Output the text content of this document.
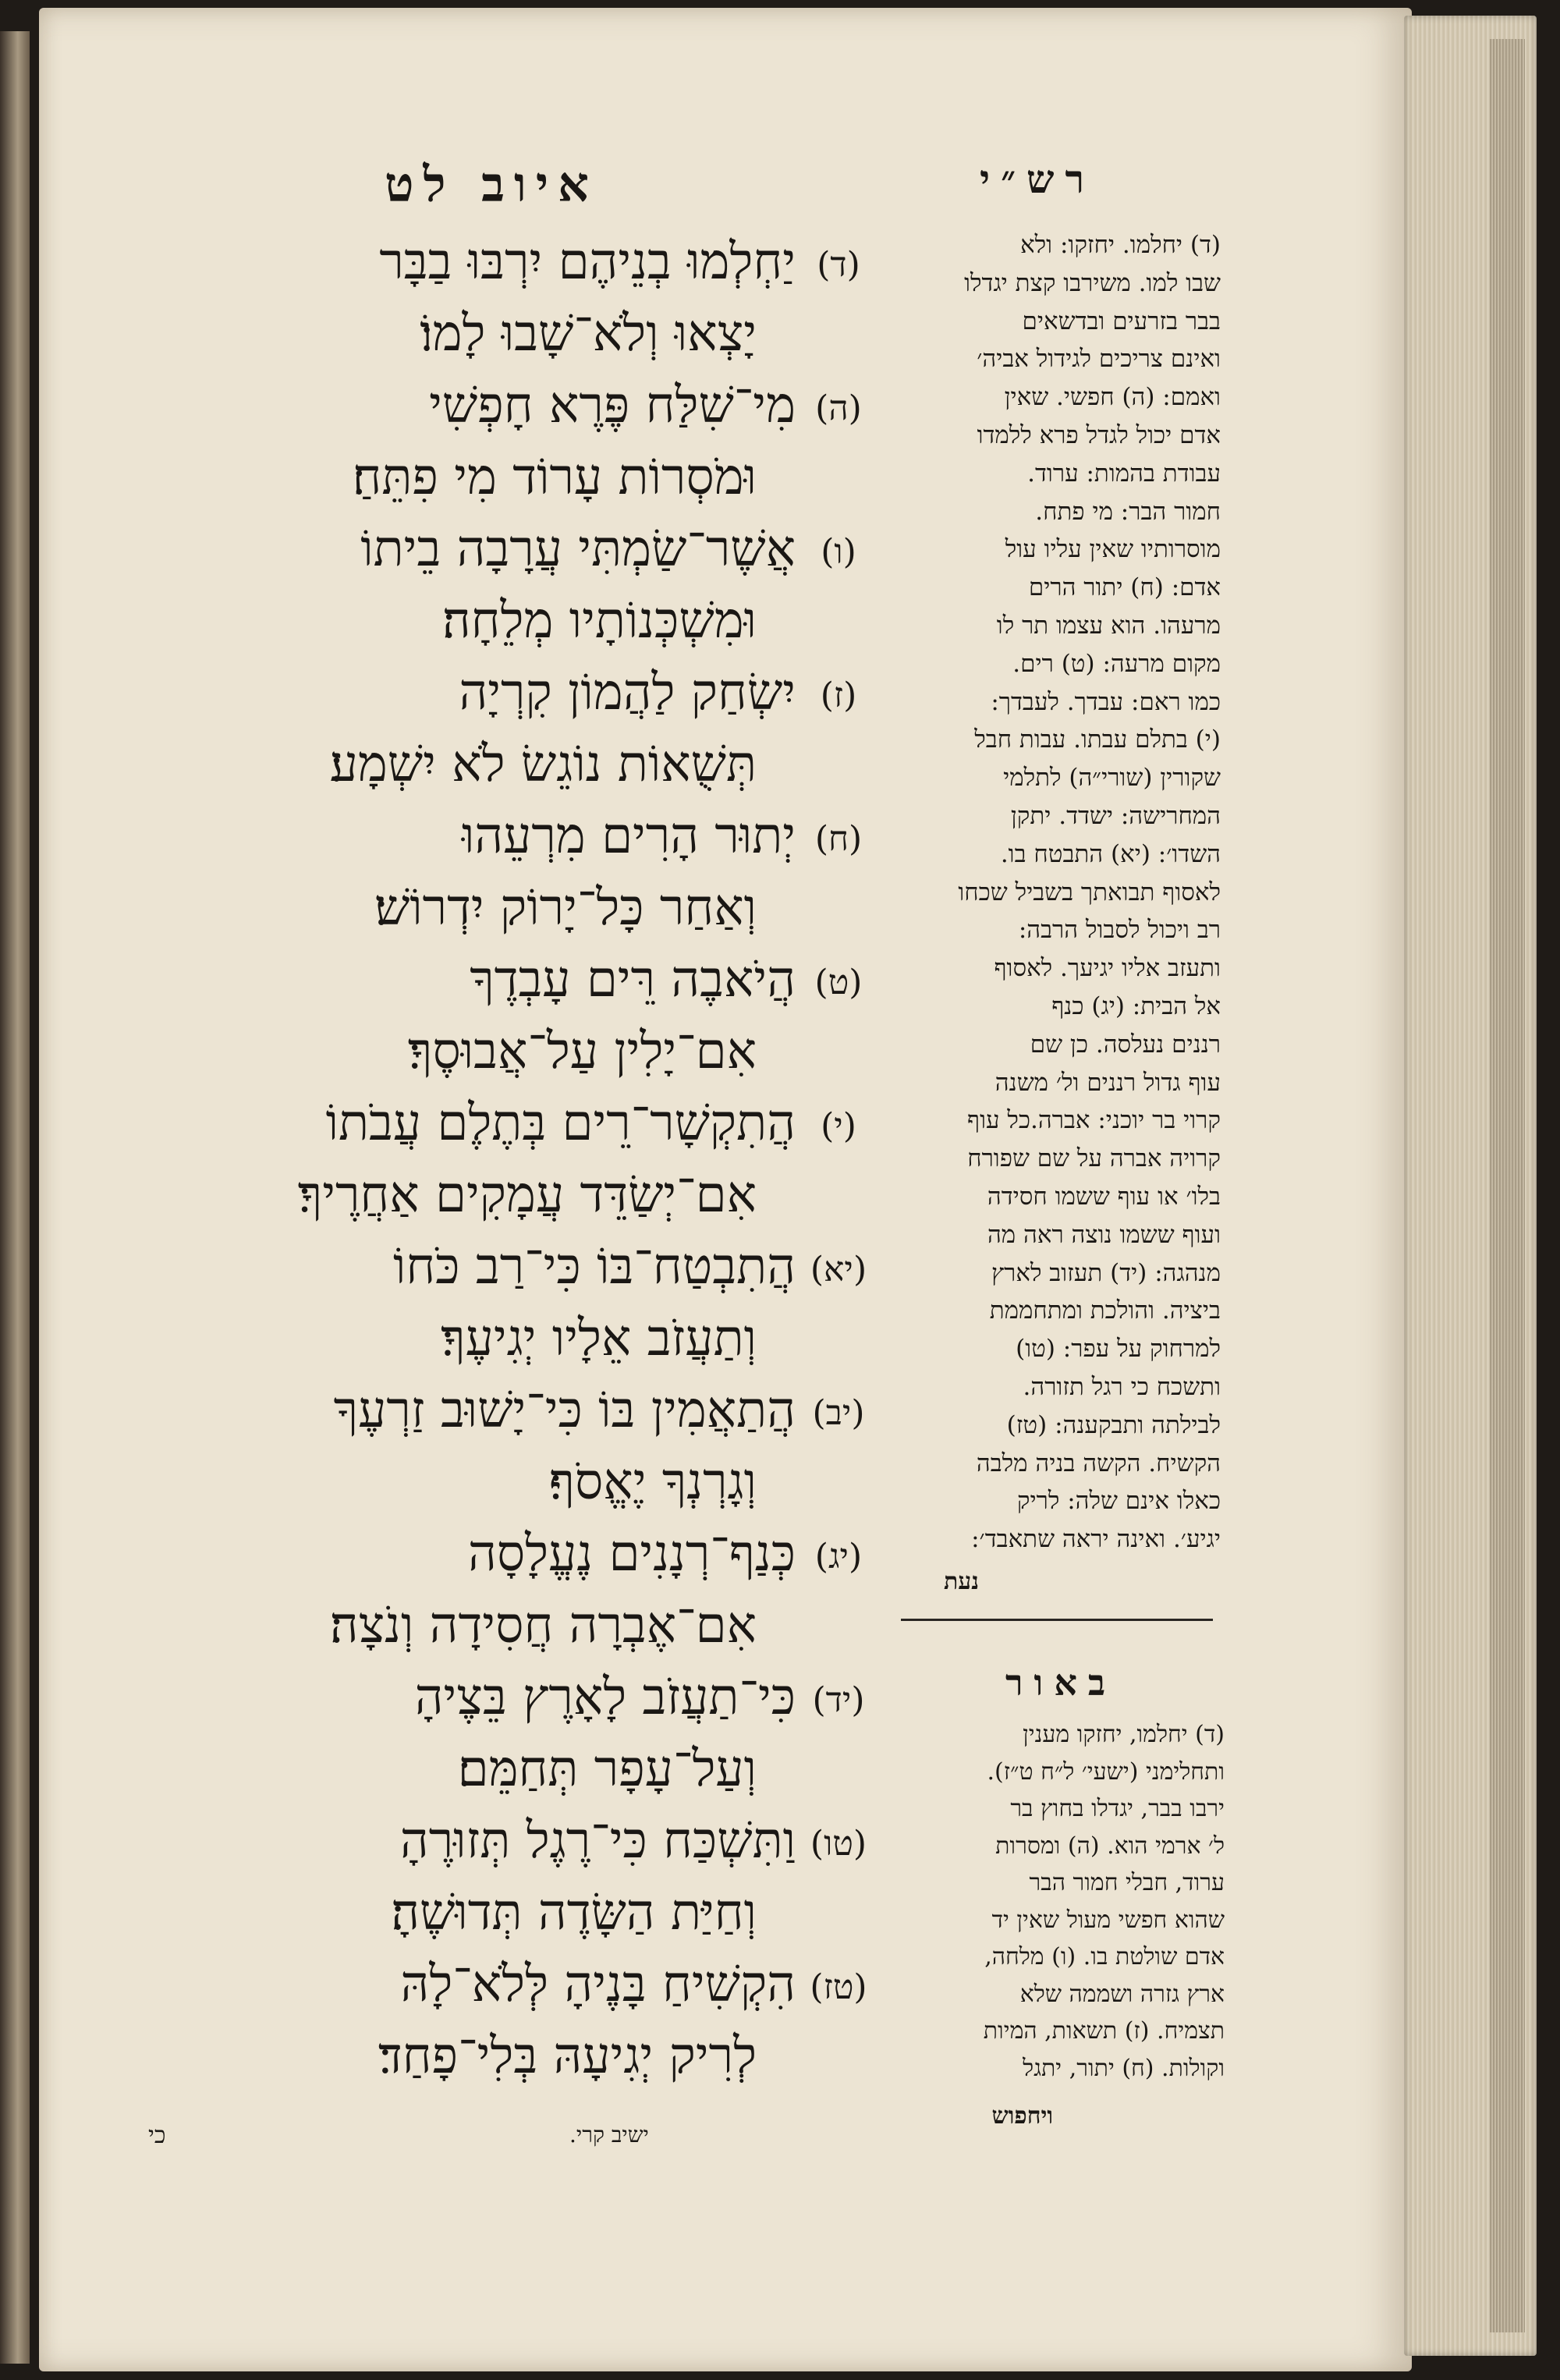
איוב לט	רש״י
(ד)
יַחְלְמוּ בְנֵיהֶם יִרְבּוּ בַבָּר
יָצְאוּ וְלֹא־שָׁבוּ לָמוֹ׃
(ה)
מִי־שִׁלַּח פֶּרֶא חָפְשִׁי
וּמֹסְרוֹת עָרוֹד מִי פִתֵּחַ׃
(ו)
אֲשֶׁר־שַׂמְתִּי עֲרָבָה בֵיתוֹ
וּמִשְׁכְּנוֹתָיו מְלֵחָה׃
(ז)
יִשְׂחַק לַהֲמוֹן קִרְיָה
תְּשֻׁאוֹת נוֹגֵשׂ לֹא יִשְׁמָע׃
(ח)
יְתוּר הָרִים מִרְעֵהוּ
וְאַחַר כָּל־יָרוֹק יִדְרוֹשׁ׃
(ט)
הֲיֹאבֶה רֵּים עָבְדֶךָ
אִם־יָלִין עַל־אֲבוּסֶךָ׃
(י)
הֲתִקְשָׁר־רֵים בְּתֶלֶם עֲבֹתוֹ
אִם־יְשַׂדֵּד עֲמָקִים אַחֲרֶיךָ׃
(יא)
הֲתִבְטַח־בּוֹ כִּי־רַב כֹּחוֹ
וְתַעֲזֹב אֵלָיו יְגִיעֶךָ׃
(יב)
הֲתַאֲמִין בּוֹ כִּי־יָשׁוּב זַרְעֶךָ
וְגָרְנְךָ יֶאֱסֹף׃
(יג)
כְּנַף־רְנָנִים נֶעֱלָסָה
אִם־אֶבְרָה חֲסִידָה וְנֹצָה׃
(יד)
כִּי־תַעֲזֹב לָאָרֶץ בֵּצֶיהָ
וְעַל־עָפָר תְּחַמֵּם׃
(טו)
וַתִּשְׁכַּח כִּי־רֶגֶל תְּזוּרֶהָ
וְחַיַּת הַשָּׂדֶה תְּדוּשֶׁהָ׃
(טז)
הִקְשִׁיחַ בָּנֶיהָ לְּלֹא־לָהּ
לְרִיק יְגִיעָהּ בְּלִי־פָחַד׃
(ד) יחלמו. יחזקו: ולא
שבו למו. משירבו קצת יגדלו
בבר בזרעים ובדשאים
ואינם צריכים לגידול אביה׳
ואמם: (ה) חפשי. שאין
אדם יכול לגדל פרא ללמדו
עבודת בהמות: ערוד.
חמור הבר: מי פתח.
מוסרותיו שאין עליו עול
אדם: (ח) יתור הרים
מרעהו. הוא עצמו תר לו
מקום מרעה: (ט) רים.
כמו ראם: עבדך. לעבדך:
(י) בתלם עבתו. עבות חבל
שקורין (שורי״ה) לתלמי
המחרישה: ישדד. יתקן
השדו׳: (יא) התבטח בו.
לאסוף תבואתך בשביל שכחו
רב ויכול לסבול הרבה:
ותעזב אליו יגיעך. לאסוף
אל הבית: (יג) כנף
רננים נעלסה. כן שם
עוף גדול רננים ול׳ משנה
קרוי בר יוכני: אברה.כל עוף
קרויה אברה על שם שפורח
בלו׳ או עוף ששמו חסידה
ועוף ששמו נוצה ראה מה
מנהגה: (יד) תעזוב לארץ
ביציה. והולכת ומתחממת
למרחוק על עפר: (טו)
ותשכח כי רגל תזורה.
לבילתה ותבקענה: (טז)
הקשיח. הקשה בניה מלבה
כאלו אינם שלה: לריק
יגיע׳. ואינה יראה שתאבד׳:
נעת
באור
(ד) יחלמו, יחזקו מענין
ותחלימני (ישעי׳ ל״ח ט״ז).
ירבו בבר, יגדלו בחוץ בר
ל׳ ארמי הוא. (ה) ומסרות
ערוד, חבלי חמור הבר
שהוא חפשי מעול שאין יד
אדם שולטת בו. (ו) מלחה,
ארץ גזרה ושממה שלא
תצמיח. (ז) תשאות, המיות
וקולות. (ח) יתור, יתגל
ויחפוש
כי	ישיב קרי.
